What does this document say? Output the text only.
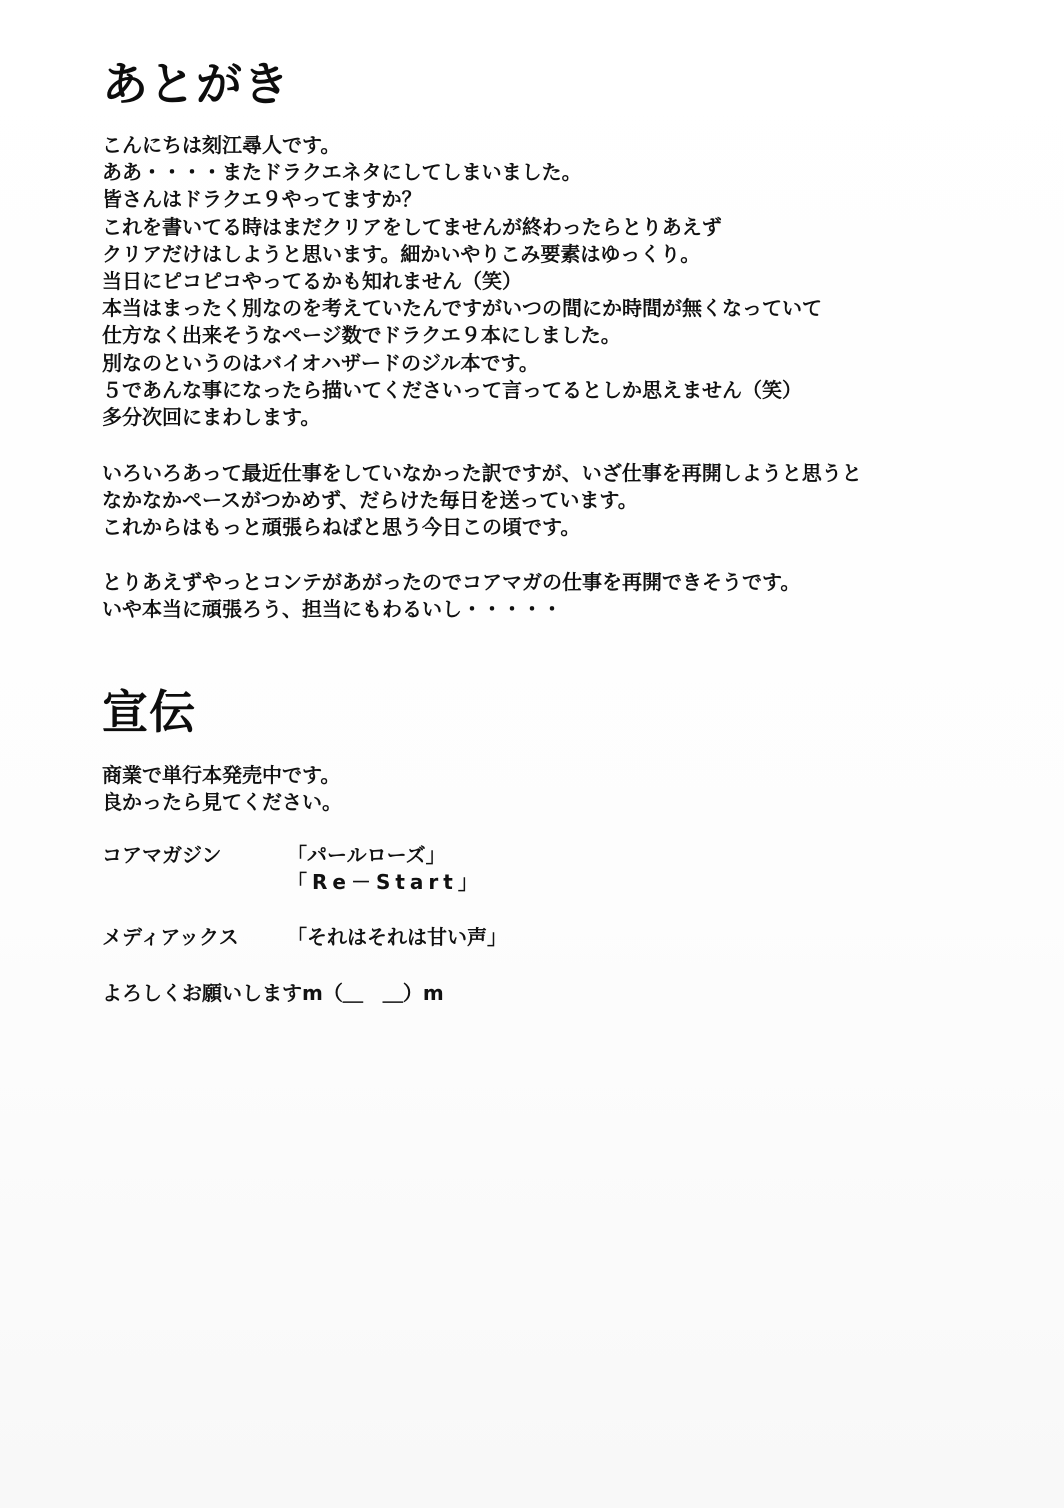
あとがき
こんにちは刻江尋人です。
ああ・・・・またドラクエネタにしてしまいました。
皆さんはドラクエ９やってますか？
これを書いてる時はまだクリアをしてませんが終わったらとりあえず
クリアだけはしようと思います。細かいやりこみ要素はゆっくり。
当日にピコピコやってるかも知れません（笑）
本当はまったく別なのを考えていたんですがいつの間にか時間が無くなっていて
仕方なく出来そうなページ数でドラクエ９本にしました。
別なのというのはバイオハザードのジル本です。
５であんな事になったら描いてくださいって言ってるとしか思えません（笑）
多分次回にまわします。
いろいろあって最近仕事をしていなかった訳ですが、いざ仕事を再開しようと思うと
なかなかペースがつかめず、だらけた毎日を送っています。
これからはもっと頑張らねばと思う今日この頃です。
とりあえずやっとコンテがあがったのでコアマガの仕事を再開できそうです。
いや本当に頑張ろう、担当にもわるいし・・・・・
宣伝
商業で単行本発売中です。
良かったら見てください。
コアマガジン	「パールローズ」
「Re－Start」
メディアックス 「それはそれは甘い声」
よろしくお願いしますm（＿　＿）m
